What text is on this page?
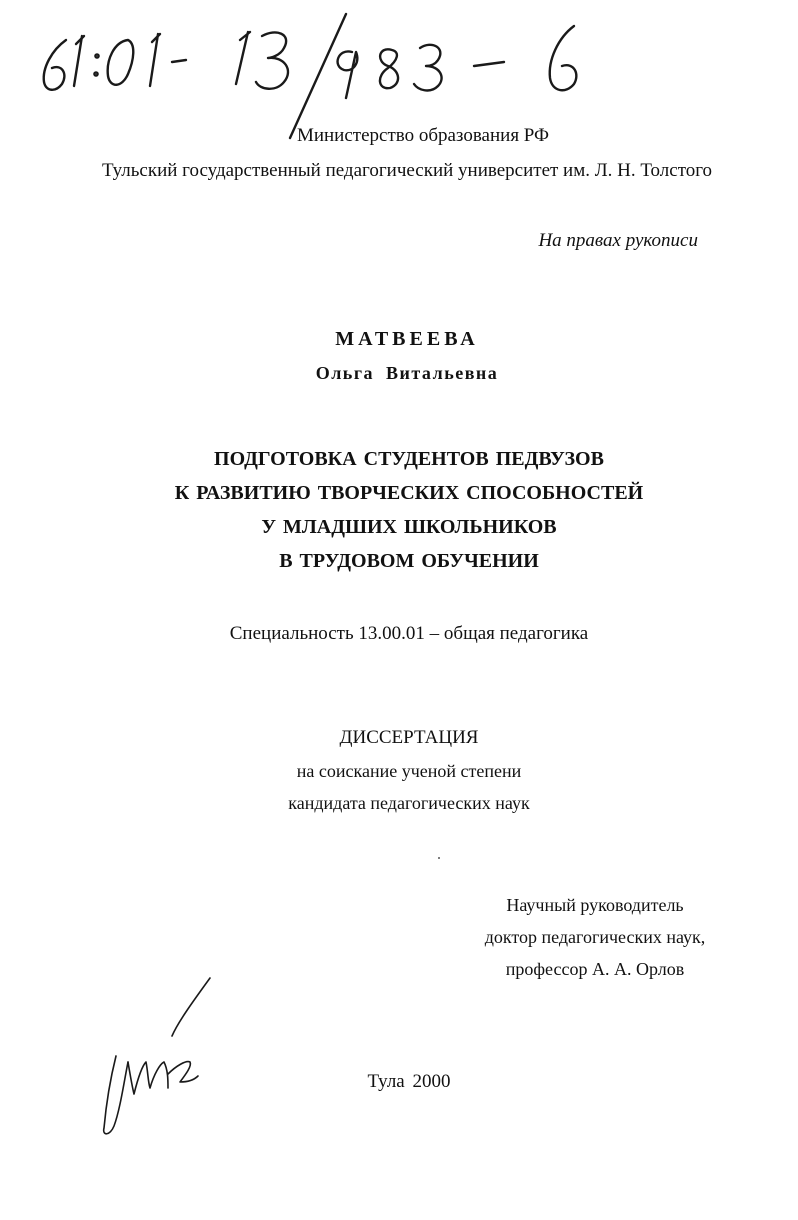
61:01-13/983-6
Министерство образования РФ
Тульский государственный педагогический университет им. Л. Н. Толстого
На правах рукописи
МАТВЕЕВА
Ольга Витальевна
ПОДГОТОВКА СТУДЕНТОВ ПЕДВУЗОВ
К РАЗВИТИЮ ТВОРЧЕСКИХ СПОСОБНОСТЕЙ
У МЛАДШИХ ШКОЛЬНИКОВ
В ТРУДОВОМ ОБУЧЕНИИ
Специальность 13.00.01 – общая педагогика
ДИССЕРТАЦИЯ
на соискание ученой степени
кандидата педагогических наук
Научный руководитель
доктор педагогических наук,
профессор А. А. Орлов
Тула 2000
